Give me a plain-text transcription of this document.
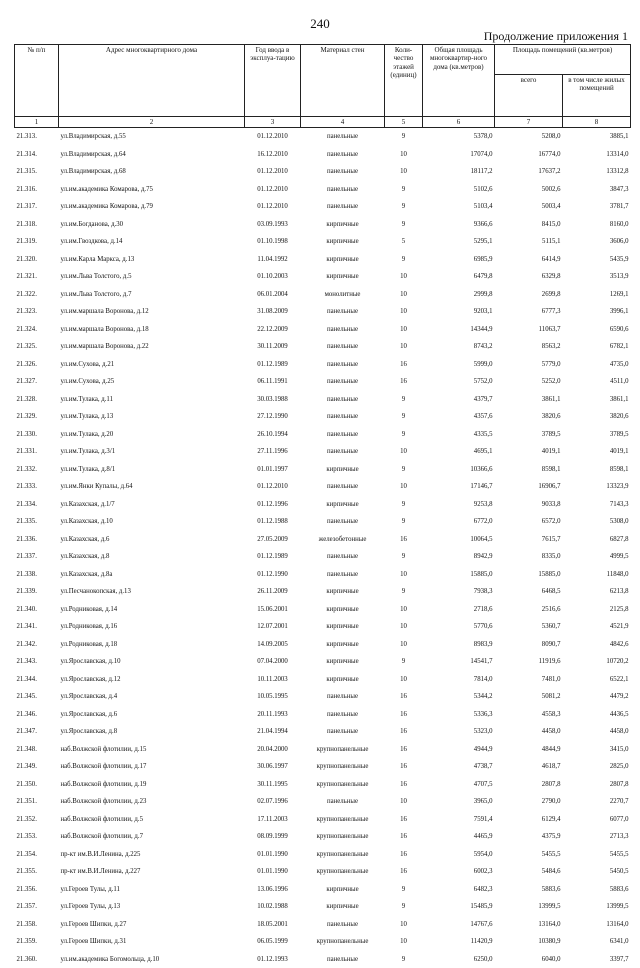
240
Продолжение приложения 1
№ п/п	Адрес многоквартирного дома	Год ввода в эксплуа-тацию	Материал стен	Коли-чество этажей (единиц)	Общая площадь многоквартир-ного дома (кв.метров)	Площадь помещений (кв.метров)	
						всего	в том числе жилых помещений
1	2	3	4	5	6	7	8
21.313.	ул.Владимирская, д.55	01.12.2010	панельные	9	5378,0	5208,0	3885,1
21.314.	ул.Владимирская, д.64	16.12.2010	панельные	10	17074,0	16774,0	13314,0
21.315.	ул.Владимирская, д.68	01.12.2010	панельные	10	18117,2	17637,2	13312,8
21.316.	ул.им.академика Комарова, д.75	01.12.2010	панельные	9	5102,6	5002,6	3847,3
21.317.	ул.им.академика Комарова, д.79	01.12.2010	панельные	9	5103,4	5003,4	3781,7
21.318.	ул.им.Богданова, д.30	03.09.1993	кирпичные	9	9366,6	8415,0	8160,0
21.319.	ул.им.Гвоздкова, д.14	01.10.1998	кирпичные	5	5295,1	5115,1	3606,0
21.320.	ул.им.Карла Маркса, д.13	11.04.1992	кирпичные	9	6985,9	6414,9	5435,9
21.321.	ул.им.Льва Толстого, д.5	01.10.2003	кирпичные	10	6479,8	6329,8	3513,9
21.322.	ул.им.Льва Толстого, д.7	06.01.2004	монолитные	10	2999,8	2699,8	1269,1
21.323.	ул.им.маршала Воронова, д.12	31.08.2009	панельные	10	9203,1	6777,3	3996,1
21.324.	ул.им.маршала Воронова, д.18	22.12.2009	панельные	10	14344,9	11063,7	6590,6
21.325.	ул.им.маршала Воронова, д.22	30.11.2009	панельные	10	8743,2	8563,2	6782,1
21.326.	ул.им.Сухова, д.21	01.12.1989	панельные	16	5999,0	5779,0	4735,0
21.327.	ул.им.Сухова, д.25	06.11.1991	панельные	16	5752,0	5252,0	4511,0
21.328.	ул.им.Тулака, д.11	30.03.1988	панельные	9	4379,7	3861,1	3861,1
21.329.	ул.им.Тулака, д.13	27.12.1990	панельные	9	4357,6	3820,6	3820,6
21.330.	ул.им.Тулака, д.20	26.10.1994	панельные	9	4335,5	3789,5	3789,5
21.331.	ул.им.Тулака, д.3/1	27.11.1996	панельные	10	4695,1	4019,1	4019,1
21.332.	ул.им.Тулака, д.8/1	01.01.1997	кирпичные	9	10366,6	8598,1	8598,1
21.333.	ул.им.Янки Купалы, д.64	01.12.2010	панельные	10	17146,7	16906,7	13323,9
21.334.	ул.Казахская, д.1/7	01.12.1996	кирпичные	9	9253,8	9033,8	7143,3
21.335.	ул.Казахская, д.10	01.12.1988	панельные	9	6772,0	6572,0	5308,0
21.336.	ул.Казахская, д.6	27.05.2009	железобетонные	16	10064,5	7615,7	6827,8
21.337.	ул.Казахская, д.8	01.12.1989	панельные	9	8942,9	8335,0	4999,5
21.338.	ул.Казахская, д.8а	01.12.1990	панельные	10	15885,0	15885,0	11848,0
21.339.	ул.Песчанокопская, д.13	26.11.2009	кирпичные	9	7938,3	6468,5	6213,8
21.340.	ул.Родниковая, д.14	15.06.2001	кирпичные	10	2718,6	2516,6	2125,8
21.341.	ул.Родниковая, д.16	12.07.2001	кирпичные	10	5770,6	5360,7	4521,9
21.342.	ул.Родниковая, д.18	14.09.2005	кирпичные	10	8983,9	8090,7	4842,6
21.343.	ул.Ярославская, д.10	07.04.2000	кирпичные	9	14541,7	11919,6	10720,2
21.344.	ул.Ярославская, д.12	10.11.2003	кирпичные	10	7814,0	7481,0	6522,1
21.345.	ул.Ярославская, д.4	10.05.1995	панельные	16	5344,2	5081,2	4479,2
21.346.	ул.Ярославская, д.6	20.11.1993	панельные	16	5336,3	4558,3	4436,5
21.347.	ул.Ярославская, д.8	21.04.1994	панельные	16	5323,0	4458,0	4458,0
21.348.	наб.Волжской флотилии, д.15	20.04.2000	крупнопанельные	16	4944,9	4844,9	3415,0
21.349.	наб.Волжской флотилии, д.17	30.06.1997	крупнопанельные	16	4738,7	4618,7	2825,0
21.350.	наб.Волжской флотилии, д.19	30.11.1995	крупнопанельные	16	4707,5	2807,8	2807,8
21.351.	наб.Волжской флотилии, д.23	02.07.1996	панельные	10	3965,0	2790,0	2270,7
21.352.	наб.Волжской флотилии, д.5	17.11.2003	крупнопанельные	16	7591,4	6129,4	6077,0
21.353.	наб.Волжской флотилии, д.7	08.09.1999	крупнопанельные	16	4465,9	4375,9	2713,3
21.354.	пр-кт им.В.И.Ленина, д.225	01.01.1990	крупнопанельные	16	5954,0	5455,5	5455,5
21.355.	пр-кт им.В.И.Ленина, д.227	01.01.1990	крупнопанельные	16	6002,3	5484,6	5450,5
21.356.	ул.Героев Тулы, д.11	13.06.1996	кирпичные	9	6482,3	5883,6	5883,6
21.357.	ул.Героев Тулы, д.13	10.02.1988	кирпичные	9	15485,9	13999,5	13999,5
21.358.	ул.Героев Шипки, д.27	18.05.2001	панельные	10	14767,6	13164,0	13164,0
21.359.	ул.Героев Шипки, д.31	06.05.1999	крупнопанельные	10	11420,9	10380,9	6341,0
21.360.	ул.им.академика Богомольца, д.10	01.12.1993	панельные	9	6250,0	6040,0	3397,7
